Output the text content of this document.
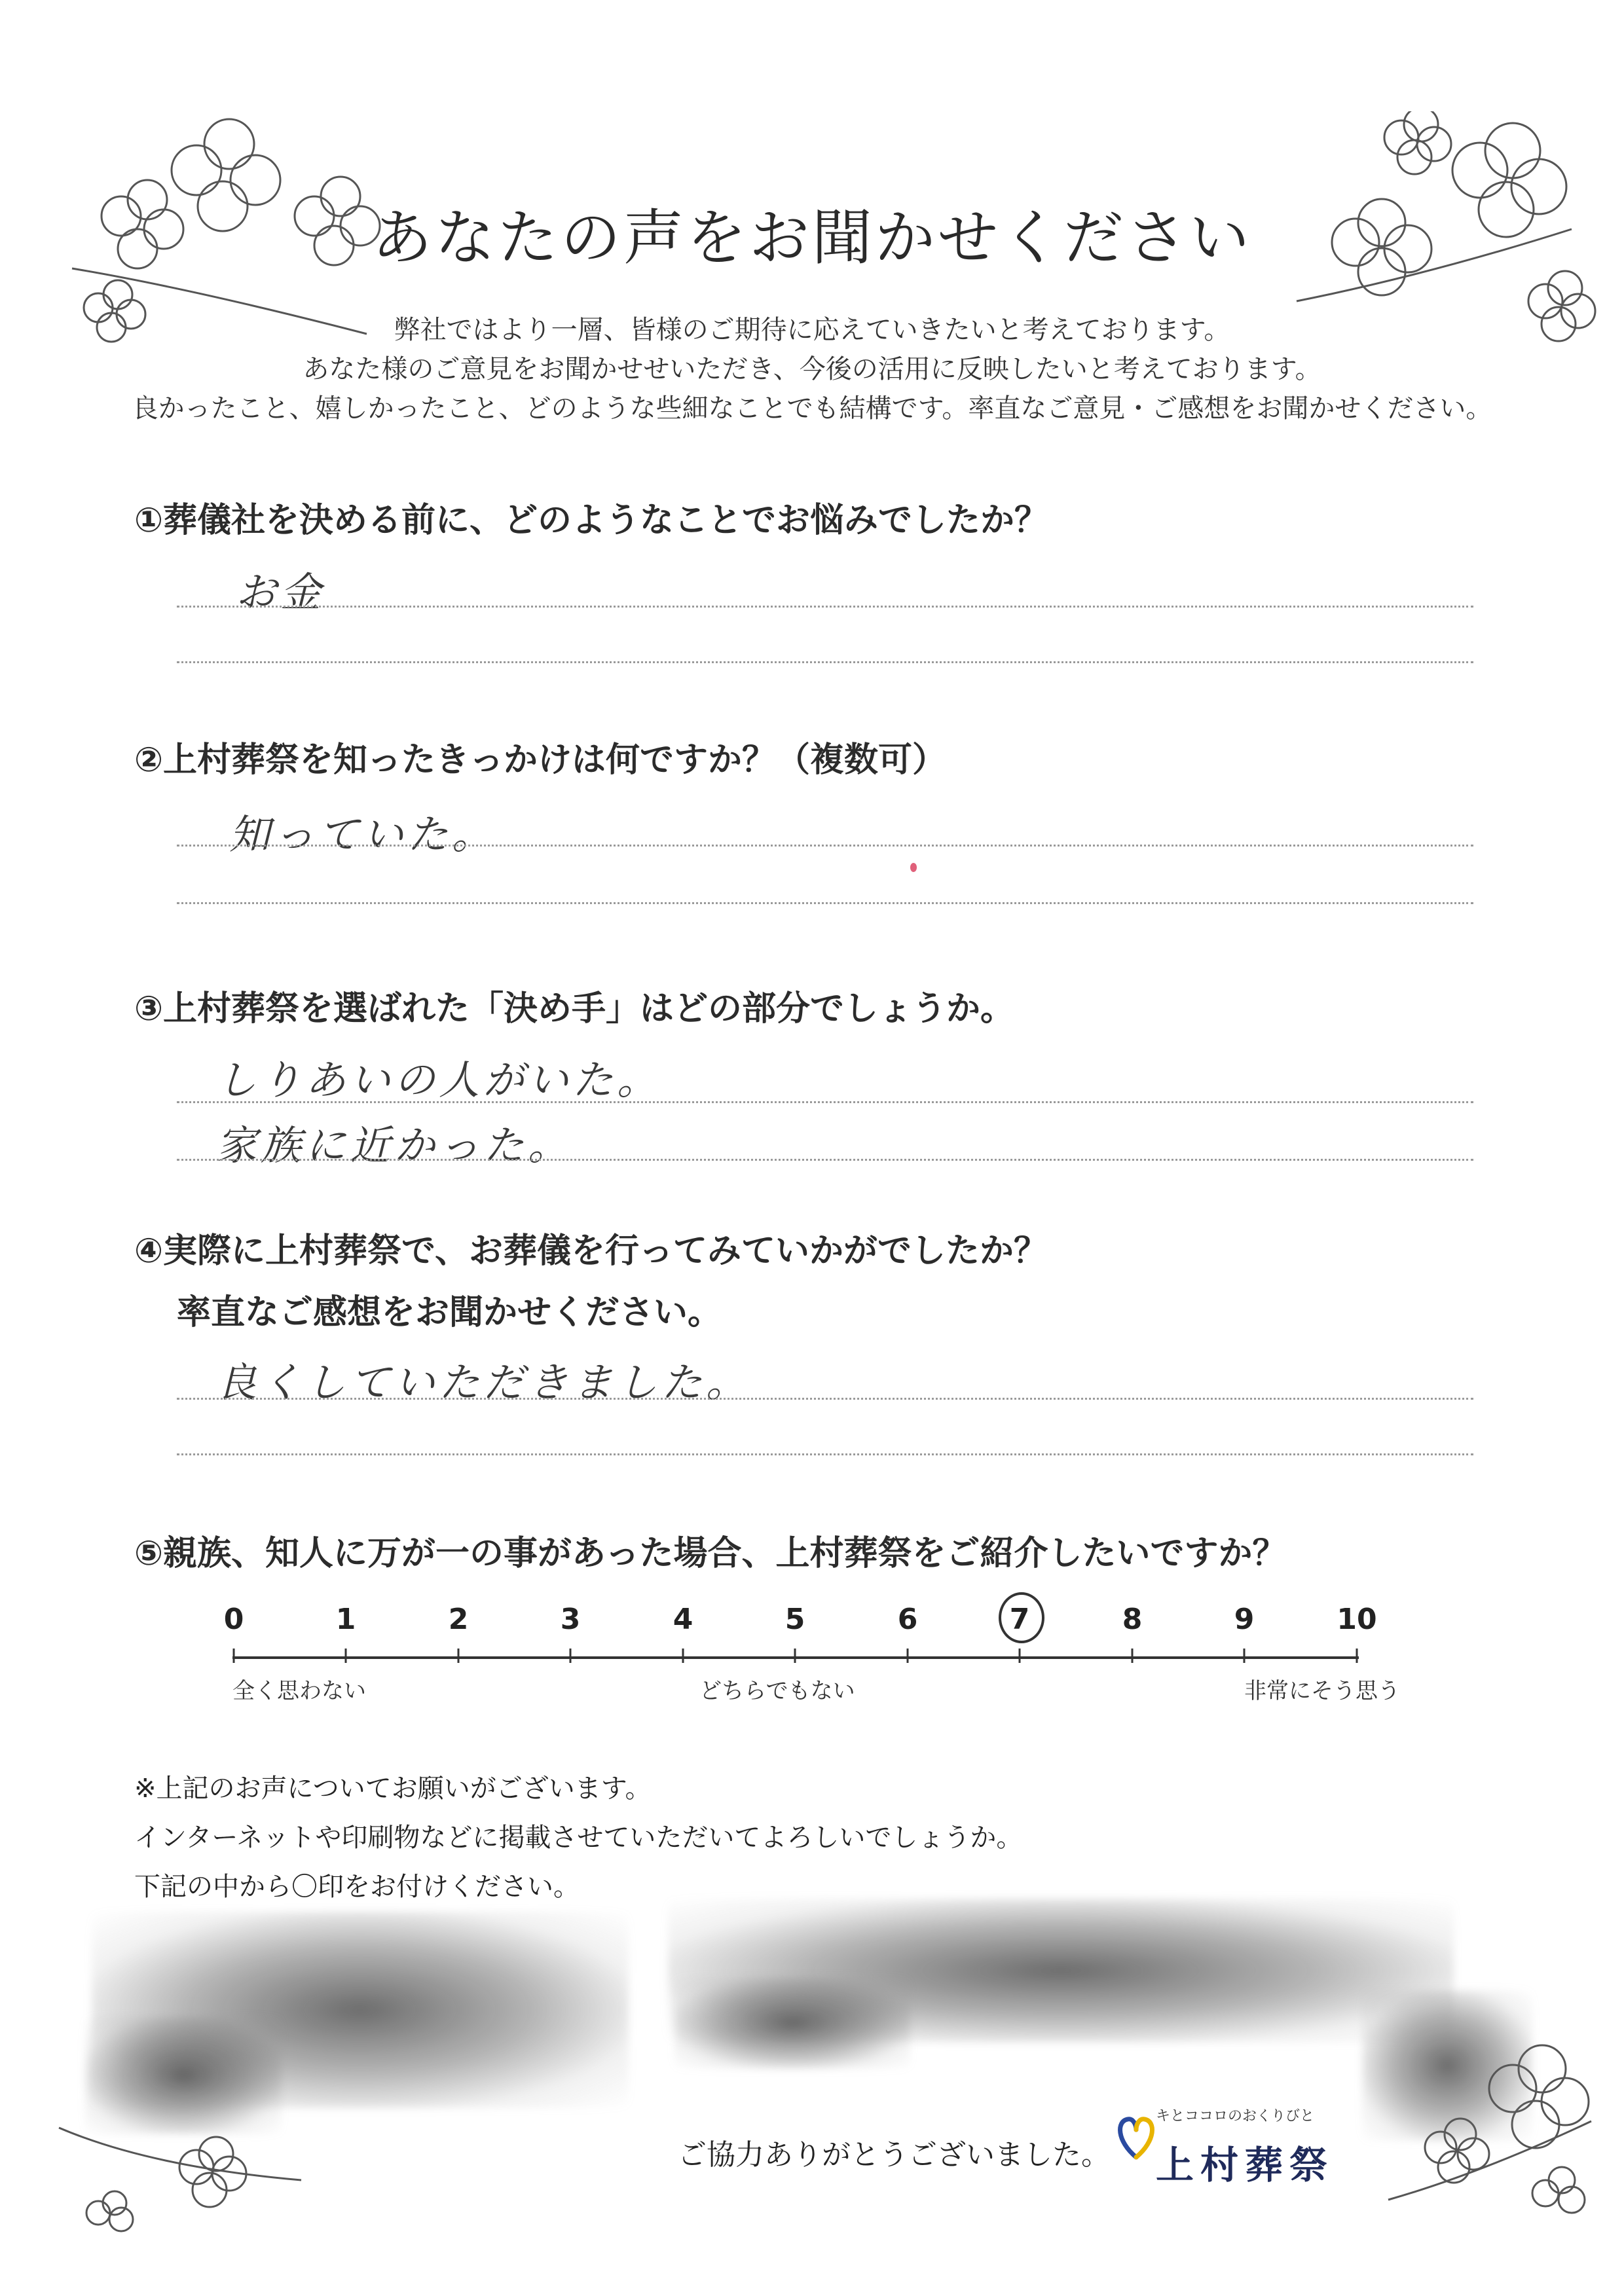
あなたの声をお聞かせください
弊社ではより一層、皆様のご期待に応えていきたいと考えております。
あなた様のご意見をお聞かせせいただき、今後の活用に反映したいと考えております。
良かったこと、嬉しかったこと、どのような些細なことでも結構です。率直なご意見・ご感想をお聞かせください。
①葬儀社を決める前に、どのようなことでお悩みでしたか？
お金
②上村葬祭を知ったきっかけは何ですか？（複数可）
知っていた。
③上村葬祭を選ばれた「決め手」はどの部分でしょうか。
しりあいの人がいた。
家族に近かった。
④実際に上村葬祭で、お葬儀を行ってみていかがでしたか？
率直なご感想をお聞かせください。
良くしていただきました。
⑤親族、知人に万が一の事があった場合、上村葬祭をご紹介したいですか？
0	1	2	3	4	5	6	7	8	9	10
全く思わない	どちらでもない	非常にそう思う
※上記のお声についてお願いがございます。
インターネットや印刷物などに掲載させていただいてよろしいでしょうか。
下記の中から〇印をお付けください。
ご協力ありがとうございました。
キとココロのおくりびと
上村葬祭
